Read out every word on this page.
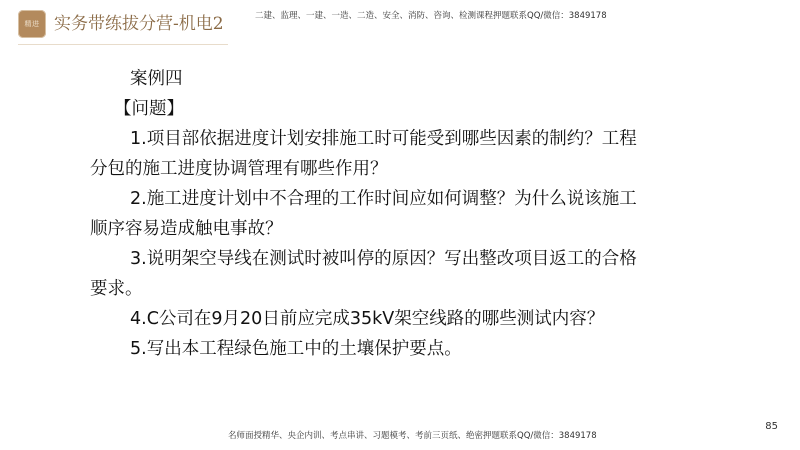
精进 实务带练拔分营-机电2	二建、监理、一建、一造、二造、安全、消防、咨询、检测课程押题联系QQ/微信：3849178
案例四
【问题】
1.项目部依据进度计划安排施工时可能受到哪些因素的制约？工程
分包的施工进度协调管理有哪些作用？
2.施工进度计划中不合理的工作时间应如何调整？为什么说该施工
顺序容易造成触电事故？
3.说明架空导线在测试时被叫停的原因？写出整改项目返工的合格
要求。
4.C公司在9月20日前应完成35kV架空线路的哪些测试内容？
5.写出本工程绿色施工中的土壤保护要点。
85
名师面授精华、央企内训、考点串讲、习题模考、考前三页纸、绝密押题联系QQ/微信：3849178
